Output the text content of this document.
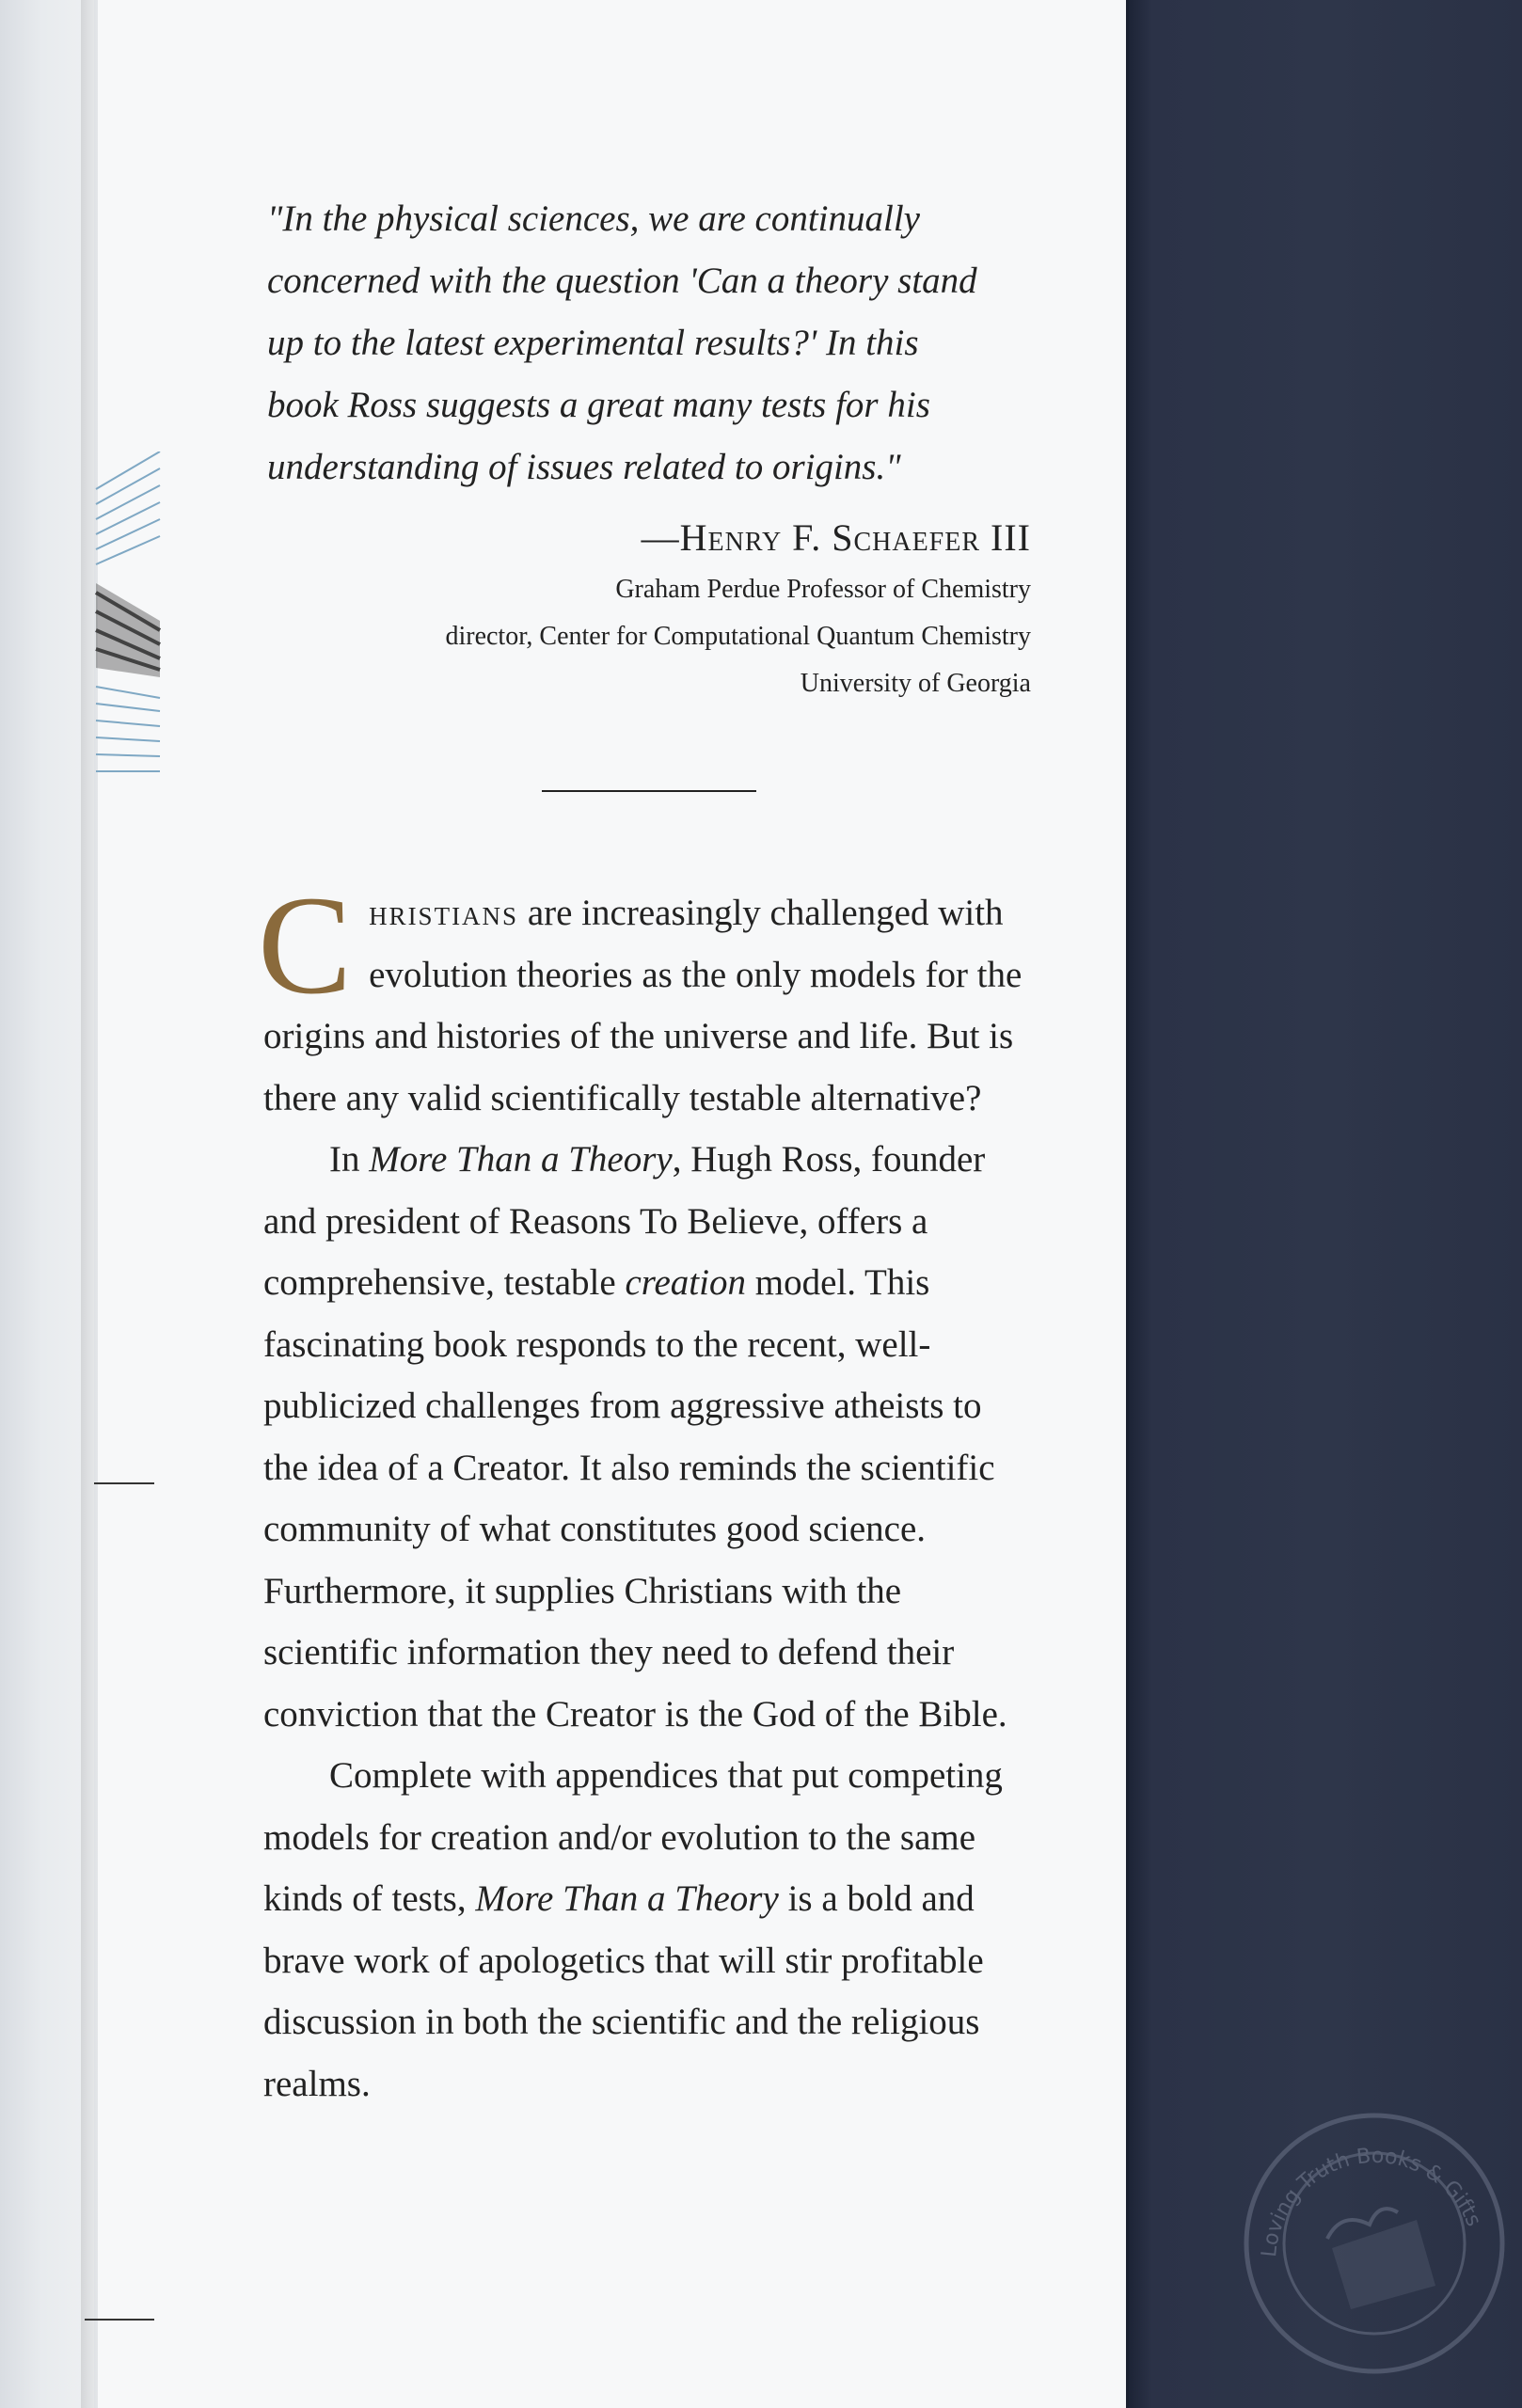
"In the physical sciences, we are continually

concerned with the question 'Can a theory stand

up to the latest experimental results?' In this

book Ross suggests a great many tests for his

understanding of issues related to origins."

—Henry F. Schaefer III
Graham Perdue Professor of Chemistry
director, Center for Computational Quantum Chemistry
University of Georgia

Christians are increasingly challenged with evolution theories as the only models for the origins and histories of the universe and life. But is there any valid scientifically testable alternative?

In More Than a Theory, Hugh Ross, founder and president of Reasons To Believe, offers a comprehensive, testable creation model. This fascinating book responds to the recent, well-publicized challenges from aggressive atheists to the idea of a Creator. It also reminds the scientific community of what constitutes good science. Furthermore, it supplies Christians with the scientific information they need to defend their conviction that the Creator is the God of the Bible.

Complete with appendices that put competing models for creation and/or evolution to the same kinds of tests, More Than a Theory is a bold and brave work of apologetics that will stir profitable discussion in both the scientific and the religious realms.

Loving Truth Books & Gifts
